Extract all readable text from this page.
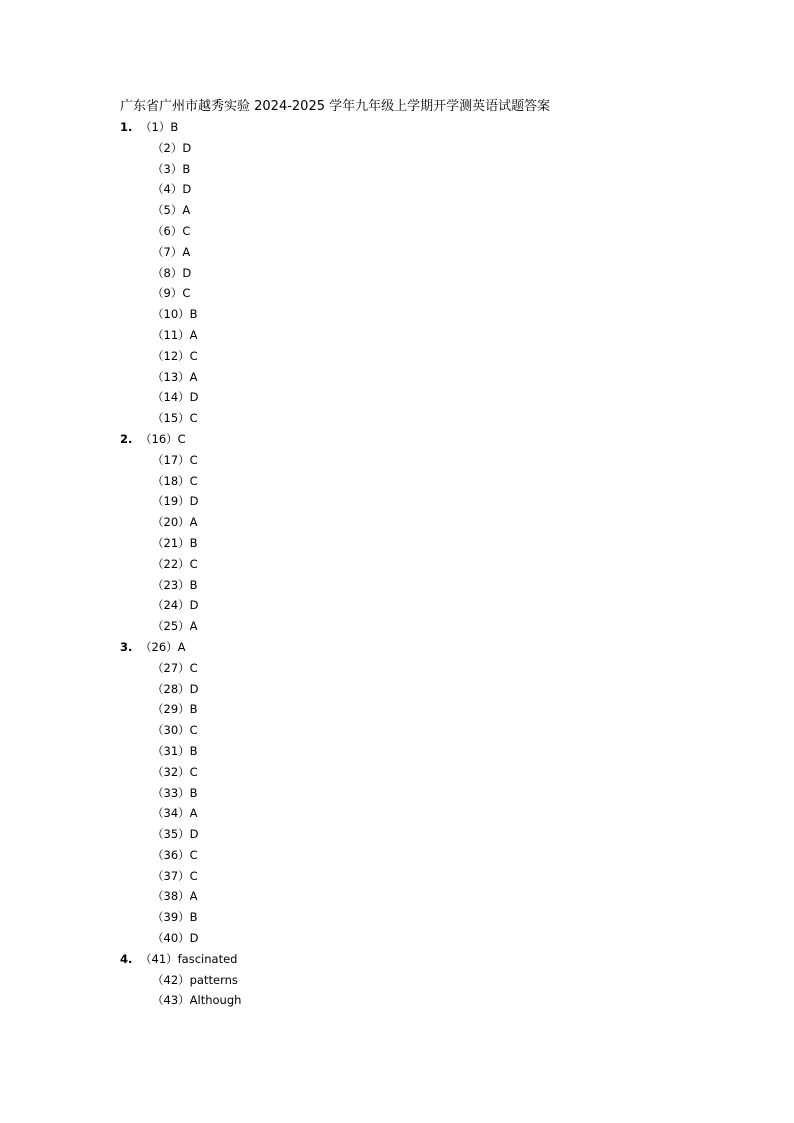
广东省广州市越秀实验 2024-2025 学年九年级上学期开学测英语试题答案
1. （1）B
（2）D
（3）B
（4）D
（5）A
（6）C
（7）A
（8）D
（9）C
（10）B
（11）A
（12）C
（13）A
（14）D
（15）C
2. （16）C
（17）C
（18）C
（19）D
（20）A
（21）B
（22）C
（23）B
（24）D
（25）A
3. （26）A
（27）C
（28）D
（29）B
（30）C
（31）B
（32）C
（33）B
（34）A
（35）D
（36）C
（37）C
（38）A
（39）B
（40）D
4. （41）fascinated
（42）patterns
（43）Although
